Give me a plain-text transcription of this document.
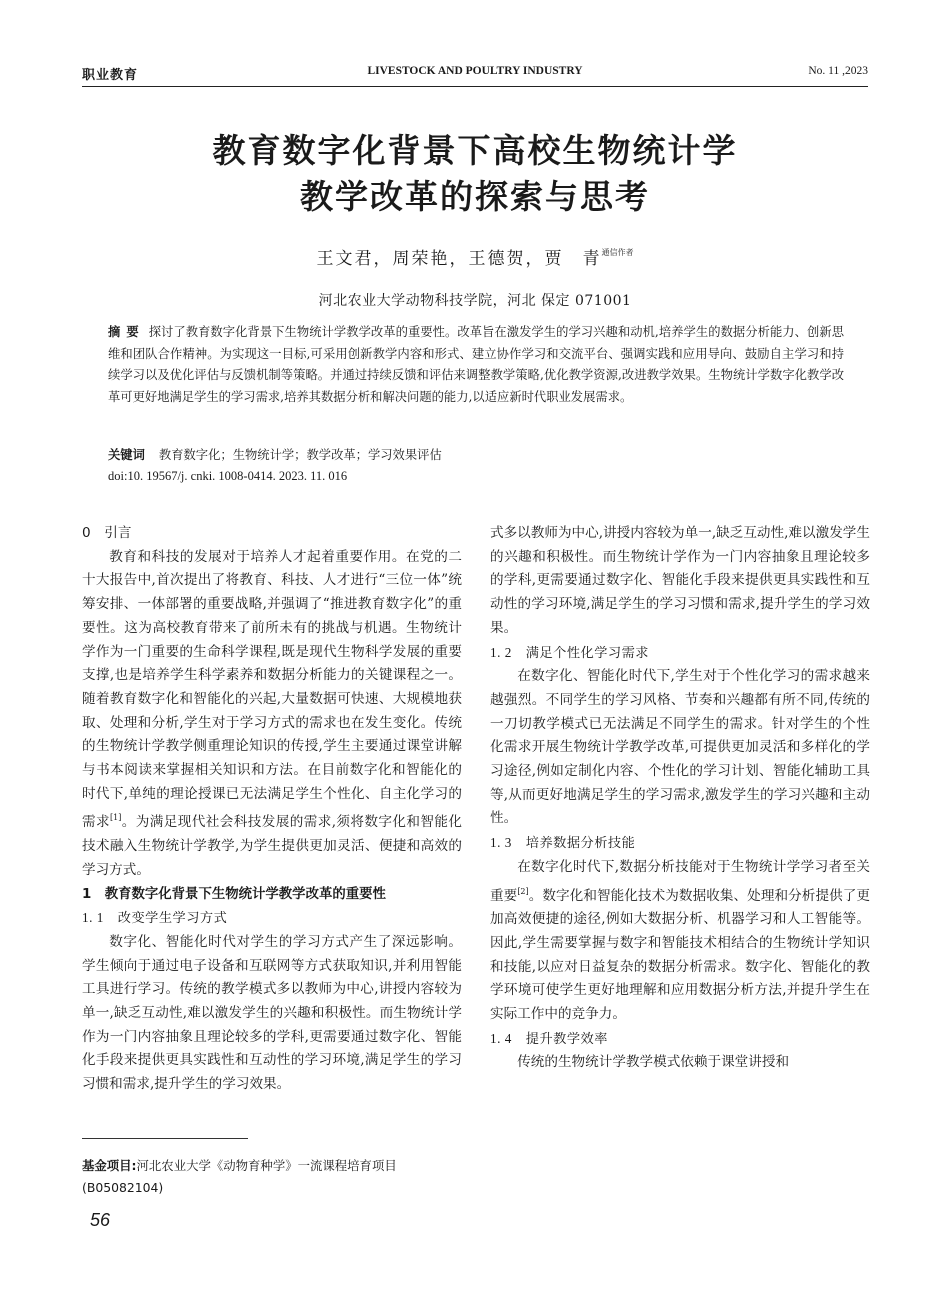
职业教育	LIVESTOCK AND POULTRY INDUSTRY	No. 11 ,2023
教育数字化背景下高校生物统计学
教学改革的探索与思考
王文君，周荣艳，王德贺，贾　青$^{通信作者}$
河北农业大学动物科技学院，河北 保定 071001
摘要 探讨了教育数字化背景下生物统计学教学改革的重要性。改革旨在激发学生的学习兴趣和动机,培养学生的数据分析能力、创新思维和团队合作精神。为实现这一目标,可采用创新教学内容和形式、建立协作学习和交流平台、强调实践和应用导向、鼓励自主学习和持续学习以及优化评估与反馈机制等策略。并通过持续反馈和评估来调整教学策略,优化教学资源,改进教学效果。生物统计学数字化教学改革可更好地满足学生的学习需求,培养其数据分析和解决问题的能力,以适应新时代职业发展需求。
关键词 教育数字化；生物统计学；教学改革；学习效果评估
doi:10. 19567/j. cnki. 1008-0414. 2023. 11. 016
0　引言

教育和科技的发展对于培养人才起着重要作用。在党的二十大报告中,首次提出了将教育、科技、人才进行“三位一体”统筹安排、一体部署的重要战略,并强调了“推进教育数字化”的重要性。这为高校教育带来了前所未有的挑战与机遇。生物统计学作为一门重要的生命科学课程,既是现代生物科学发展的重要支撑,也是培养学生科学素养和数据分析能力的关键课程之一。随着教育数字化和智能化的兴起,大量数据可快速、大规模地获取、处理和分析,学生对于学习方式的需求也在发生变化。传统的生物统计学教学侧重理论知识的传授,学生主要通过课堂讲解与书本阅读来掌握相关知识和方法。在目前数字化和智能化的时代下,单纯的理论授课已无法满足学生个性化、自主化学习的需求[1]。为满足现代社会科技发展的需求,须将数字化和智能化技术融入生物统计学教学,为学生提供更加灵活、便捷和高效的学习方式。

1　教育数字化背景下生物统计学教学改革的重要性
1. 1 改变学生学习方式

数字化、智能化时代对学生的学习方式产生了深远影响。学生倾向于通过电子设备和互联网等方式获取知识,并利用智能工具进行学习。传统的教学模式多以教师为中心,讲授内容较为单一,缺乏互动性,难以激发学生的兴趣和积极性。而生物统计学作为一门内容抽象且理论较多的学科,更需要通过数字化、智能化手段来提供更具实践性和互动性的学习环境,满足学生的学习习惯和需求,提升学生的学习效果。

基金项目:河北农业大学《动物育种学》一流课程培育项目(B05082104)
56
式多以教师为中心,讲授内容较为单一,缺乏互动性,难以激发学生的兴趣和积极性。而生物统计学作为一门内容抽象且理论较多的学科,更需要通过数字化、智能化手段来提供更具实践性和互动性的学习环境,满足学生的学习习惯和需求,提升学生的学习效果。
1. 2 满足个性化学习需求

在数字化、智能化时代下,学生对于个性化学习的需求越来越强烈。不同学生的学习风格、节奏和兴趣都有所不同,传统的一刀切教学模式已无法满足不同学生的需求。针对学生的个性化需求开展生物统计学教学改革,可提供更加灵活和多样化的学习途径,例如定制化内容、个性化的学习计划、智能化辅助工具等,从而更好地满足学生的学习需求,激发学生的学习兴趣和主动性。

1. 3 培养数据分析技能

在数字化时代下,数据分析技能对于生物统计学学习者至关重要[2]。数字化和智能化技术为数据收集、处理和分析提供了更加高效便捷的途径,例如大数据分析、机器学习和人工智能等。因此,学生需要掌握与数字和智能技术相结合的生物统计学知识和技能,以应对日益复杂的数据分析需求。数字化、智能化的教学环境可使学生更好地理解和应用数据分析方法,并提升学生在实际工作中的竞争力。

1. 4 提升教学效率

传统的生物统计学教学模式依赖于课堂讲授和
